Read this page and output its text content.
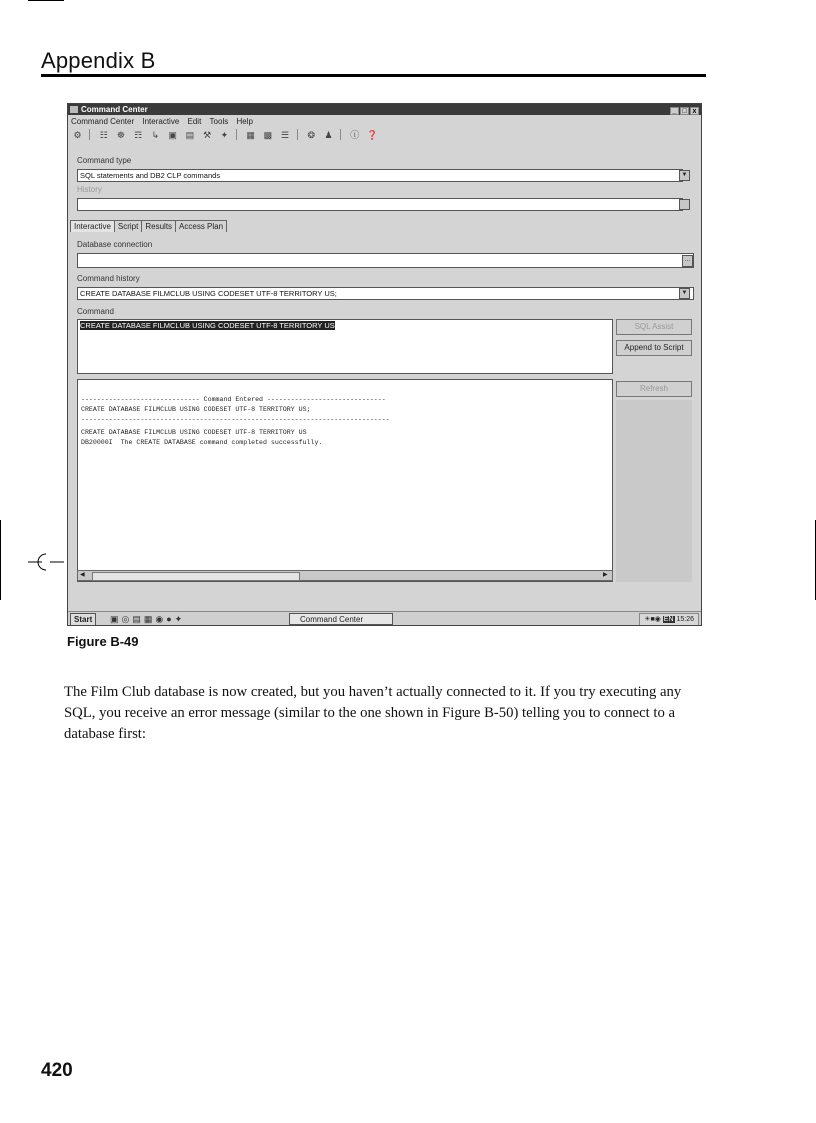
Appendix B
Command Center	_ □ x
Command Center Interactive Edit Tools Help
⚙ ☷ ☸ ☶ ↳ ▣ ▤ ⚒ ✦ ▦ ▩ ☰ ❂ ♟ ⓘ ❓
Command type
SQL statements and DB2 CLP commands	▼
History
Interactive Script Results Access Plan
Database connection
…
Command history
CREATE DATABASE FILMCLUB USING CODESET UTF-8 TERRITORY US;	▼
Command
CREATE DATABASE FILMCLUB USING CODESET UTF-8 TERRITORY US	SQL Assist
Append to Script
------------------------------ Command Entered ------------------------------
CREATE DATABASE FILMCLUB USING CODESET UTF-8 TERRITORY US;
------------------------------------------------------------------------------
CREATE DATABASE FILMCLUB USING CODESET UTF-8 TERRITORY US
DB20000I  The CREATE DATABASE command completed successfully.
◀	▶
Refresh
Start	▣◎▤▦◉●✦	Command Center	☀■◉ EN 15:26
Figure B-49
The Film Club database is now created, but you haven’t actually connected to it. If you try executing any SQL, you receive an error message (similar to the one shown in Figure B-50) telling you to connect to a database first:
420
